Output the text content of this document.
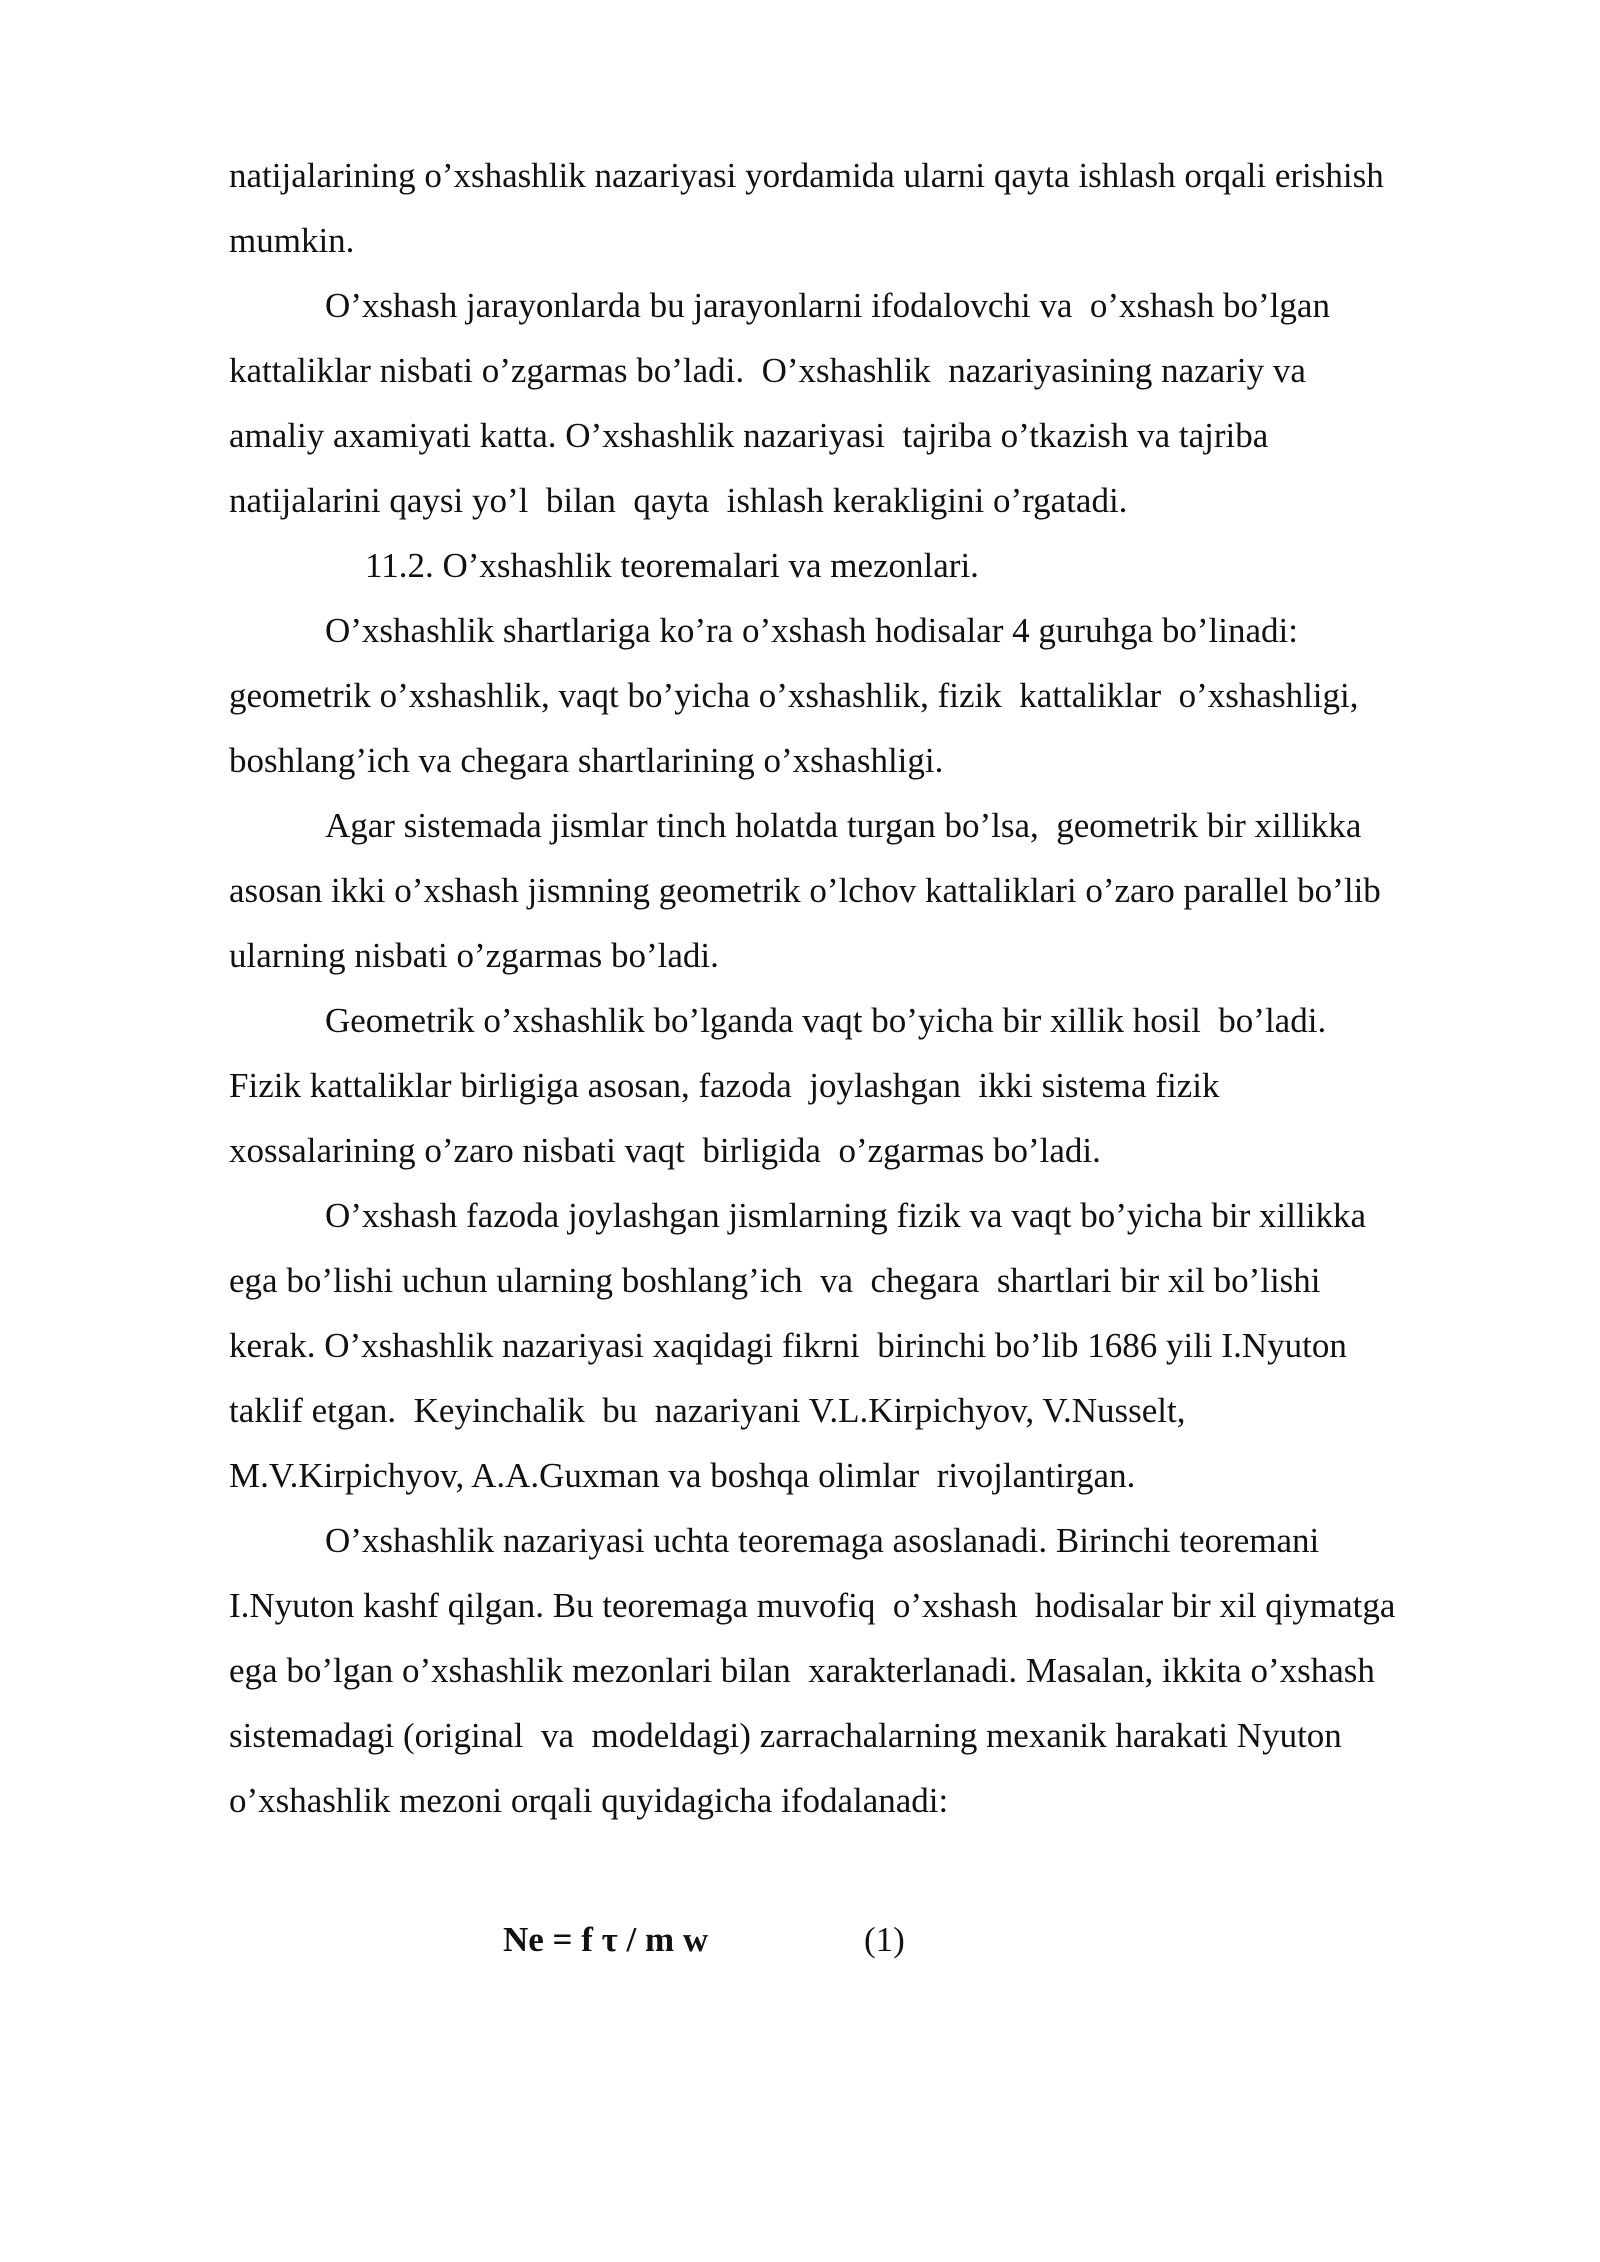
natijalarining o’xshashlik nazariyasi yordamida ularni qayta ishlash orqali erishish
mumkin.
O’xshash jarayonlarda bu jarayonlarni ifodalovchi va  o’xshash bo’lgan
kattaliklar nisbati o’zgarmas bo’ladi.  O’xshashlik  nazariyasining nazariy va
amaliy axamiyati katta. O’xshashlik nazariyasi  tajriba o’tkazish va tajriba
natijalarini qaysi yo’l  bilan  qayta  ishlash kerakligini o’rgatadi.
11.2. O’xshashlik teoremalari va mezonlari.
O’xshashlik shartlariga ko’ra o’xshash hodisalar 4 guruhga bo’linadi:
geometrik o’xshashlik, vaqt bo’yicha o’xshashlik, fizik  kattaliklar  o’xshashligi,
boshlang’ich va chegara shartlarining o’xshashligi.
Agar sistemada jismlar tinch holatda turgan bo’lsa,  geometrik bir xillikka
asosan ikki o’xshash jismning geometrik o’lchov kattaliklari o’zaro parallel bo’lib
ularning nisbati o’zgarmas bo’ladi.
Geometrik o’xshashlik bo’lganda vaqt bo’yicha bir xillik hosil  bo’ladi.
Fizik kattaliklar birligiga asosan, fazoda  joylashgan  ikki sistema fizik
xossalarining o’zaro nisbati vaqt  birligida  o’zgarmas bo’ladi.
O’xshash fazoda joylashgan jismlarning fizik va vaqt bo’yicha bir xillikka
ega bo’lishi uchun ularning boshlang’ich  va  chegara  shartlari bir xil bo’lishi
kerak. O’xshashlik nazariyasi xaqidagi fikrni  birinchi bo’lib 1686 yili I.Nyuton
taklif etgan.  Keyinchalik  bu  nazariyani V.L.Kirpichyov, V.Nusselt,
M.V.Kirpichyov, A.A.Guxman va boshqa olimlar  rivojlantirgan.
O’xshashlik nazariyasi uchta teoremaga asoslanadi. Birinchi teoremani
I.Nyuton kashf qilgan. Bu teoremaga muvofiq  o’xshash  hodisalar bir xil qiymatga
ega bo’lgan o’xshashlik mezonlari bilan  xarakterlanadi. Masalan, ikkita o’xshash
sistemadagi (original  va  modeldagi) zarrachalarning mexanik harakati Nyuton
o’xshashlik mezoni orqali quyidagicha ifodalanadi:
Ne = f τ / m w	(1)
